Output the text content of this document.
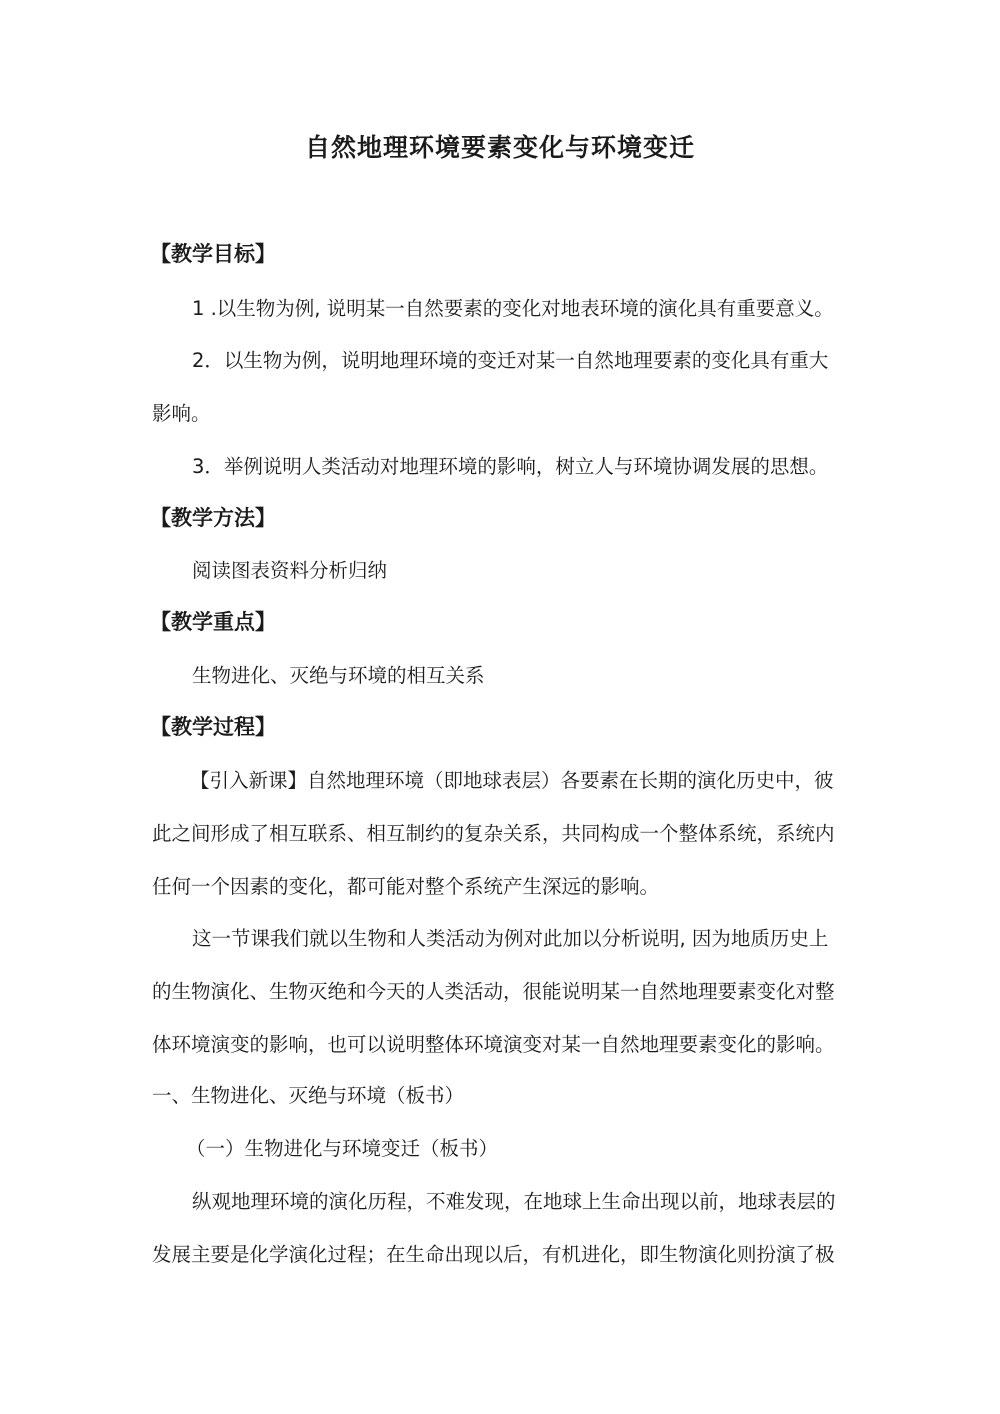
自然地理环境要素变化与环境变迁
【教学目标】
1 .以生物为例, 说明某一自然要素的变化对地表环境的演化具有重要意义。
2．以生物为例，说明地理环境的变迁对某一自然地理要素的变化具有重大
影响。
3．举例说明人类活动对地理环境的影响，树立人与环境协调发展的思想。
【教学方法】
阅读图表资料分析归纳
【教学重点】
生物进化、灭绝与环境的相互关系
【教学过程】
【引入新课】自然地理环境（即地球表层）各要素在长期的演化历史中，彼
此之间形成了相互联系、相互制约的复杂关系，共同构成一个整体系统，系统内
任何一个因素的变化，都可能对整个系统产生深远的影响。
这一节课我们就以生物和人类活动为例对此加以分析说明, 因为地质历史上
的生物演化、生物灭绝和今天的人类活动，很能说明某一自然地理要素变化对整
体环境演变的影响，也可以说明整体环境演变对某一自然地理要素变化的影响。
一、生物进化、灭绝与环境（板书）
（一）生物进化与环境变迁（板书）
纵观地理环境的演化历程，不难发现，在地球上生命出现以前，地球表层的
发展主要是化学演化过程；在生命出现以后，有机进化，即生物演化则扮演了极
